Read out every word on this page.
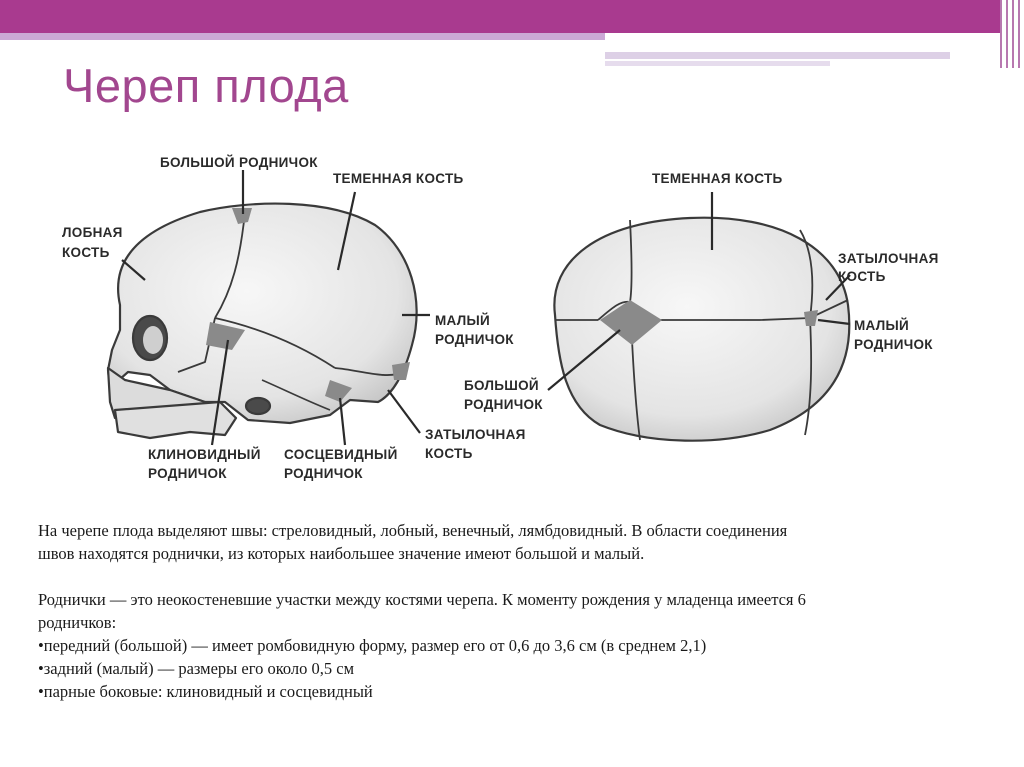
Череп плода
БОЛЬШОЙ РОДНИЧОК
ТЕМЕННАЯ КОСТЬ
ЛОБНАЯ
КОСТЬ
МАЛЫЙ
РОДНИЧОК
КЛИНОВИДНЫЙ
РОДНИЧОК
СОСЦЕВИДНЫЙ
РОДНИЧОК
ЗАТЫЛОЧНАЯ
КОСТЬ
ТЕМЕННАЯ КОСТЬ
ЗАТЫЛОЧНАЯ
КОСТЬ
МАЛЫЙ
РОДНИЧОК
БОЛЬШОЙ
РОДНИЧОК

На черепе плода выделяют швы: стреловидный, лобный, венечный, лямбдовидный. В области соединения

швов находятся роднички, из которых наибольшее значение имеют большой и малый.

Роднички — это неокостеневшие участки между костями черепа. К моменту рождения у младенца имеется 6

родничков:

•передний (большой) — имеет ромбовидную форму, размер его от 0,6 до 3,6 см (в среднем 2,1)

•задний (малый) — размеры его около 0,5 см

•парные боковые: клиновидный и сосцевидный
